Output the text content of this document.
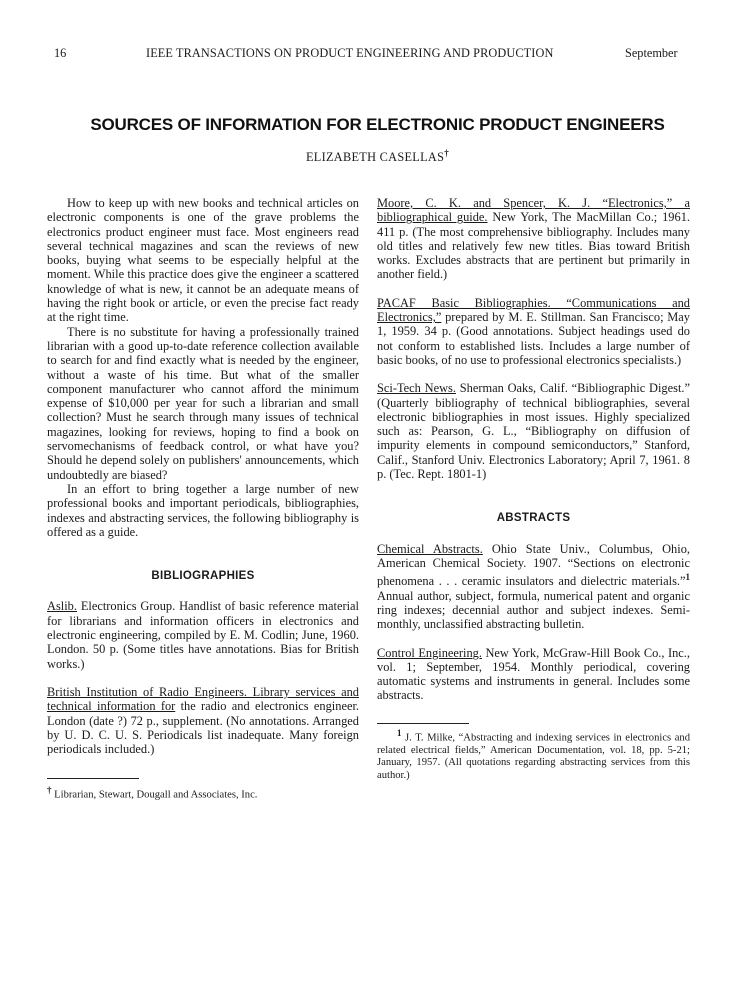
16	IEEE TRANSACTIONS ON PRODUCT ENGINEERING AND PRODUCTION	September
SOURCES OF INFORMATION FOR ELECTRONIC PRODUCT ENGINEERS
ELIZABETH CASELLAS†

How to keep up with new books and technical articles on electronic components is one of the grave problems the electronics product engineer must face. Most engineers read several technical magazines and scan the reviews of new books, buying what seems to be especially helpful at the moment. While this practice does give the engineer a scattered knowledge of what is new, it cannot be an adequate means of having the right book or article, or even the precise fact ready at the right time.

There is no substitute for having a professionally trained librarian with a good up-to-date reference collection available to search for and find exactly what is needed by the engineer, without a waste of his time. But what of the smaller component manufacturer who cannot afford the minimum expense of $10,000 per year for such a librarian and small collection? Must he search through many issues of technical magazines, looking for reviews, hoping to find a book on servomechanisms of feedback control, or what have you? Should he depend solely on publishers' announcements, which undoubtedly are biased?

In an effort to bring together a large number of new professional books and important periodicals, bibliographies, indexes and abstracting services, the following bibliography is offered as a guide.

BIBLIOGRAPHIES

Aslib. Electronics Group. Handlist of basic reference material for librarians and information officers in electronics and electronic engineering, compiled by E. M. Codlin; June, 1960. London. 50 p. (Some titles have annotations. Bias for British works.)

British Institution of Radio Engineers. Library services and technical information for the radio and electronics engineer. London (date ?) 72 p., supplement. (No annotations. Arranged by U. D. C. U. S. Periodicals list inadequate. Many foreign periodicals included.)

† Librarian, Stewart, Dougall and Associates, Inc.

Moore, C. K. and Spencer, K. J. “Electronics,” a bibliographical guide. New York, The MacMillan Co.; 1961. 411 p. (The most comprehensive bibliography. Includes many old titles and relatively few new titles. Bias toward British works. Excludes abstracts that are pertinent but primarily in another field.)

PACAF Basic Bibliographies. “Communications and Electronics,” prepared by M. E. Stillman. San Francisco; May 1, 1959. 34 p. (Good annotations. Subject headings used do not conform to established lists. Includes a large number of basic books, of no use to professional electronics specialists.)

Sci-Tech News. Sherman Oaks, Calif. “Bibliographic Digest.” (Quarterly bibliography of technical bibliographies, several electronic bibliographies in most issues. Highly specialized such as: Pearson, G. L., “Bibliography on diffusion of impurity elements in compound semiconductors,” Stanford, Calif., Stanford Univ. Electronics Laboratory; April 7, 1961. 8 p. (Tec. Rept. 1801-1)

ABSTRACTS

Chemical Abstracts. Ohio State Univ., Columbus, Ohio, American Chemical Society. 1907. “Sections on electronic phenomena . . . ceramic insulators and dielectric materials.”$^1$ Annual author, subject, formula, numerical patent and organic ring indexes; decennial author and subject indexes. Semi-monthly, unclassified abstracting bulletin.

Control Engineering. New York, McGraw-Hill Book Co., Inc., vol. 1; September, 1954. Monthly periodical, covering automatic systems and instruments in general. Includes some abstracts.

$^1$ J. T. Milke, “Abstracting and indexing services in electronics and related electrical fields,” American Documentation, vol. 18, pp. 5-21; January, 1957. (All quotations regarding abstracting services from this author.)
